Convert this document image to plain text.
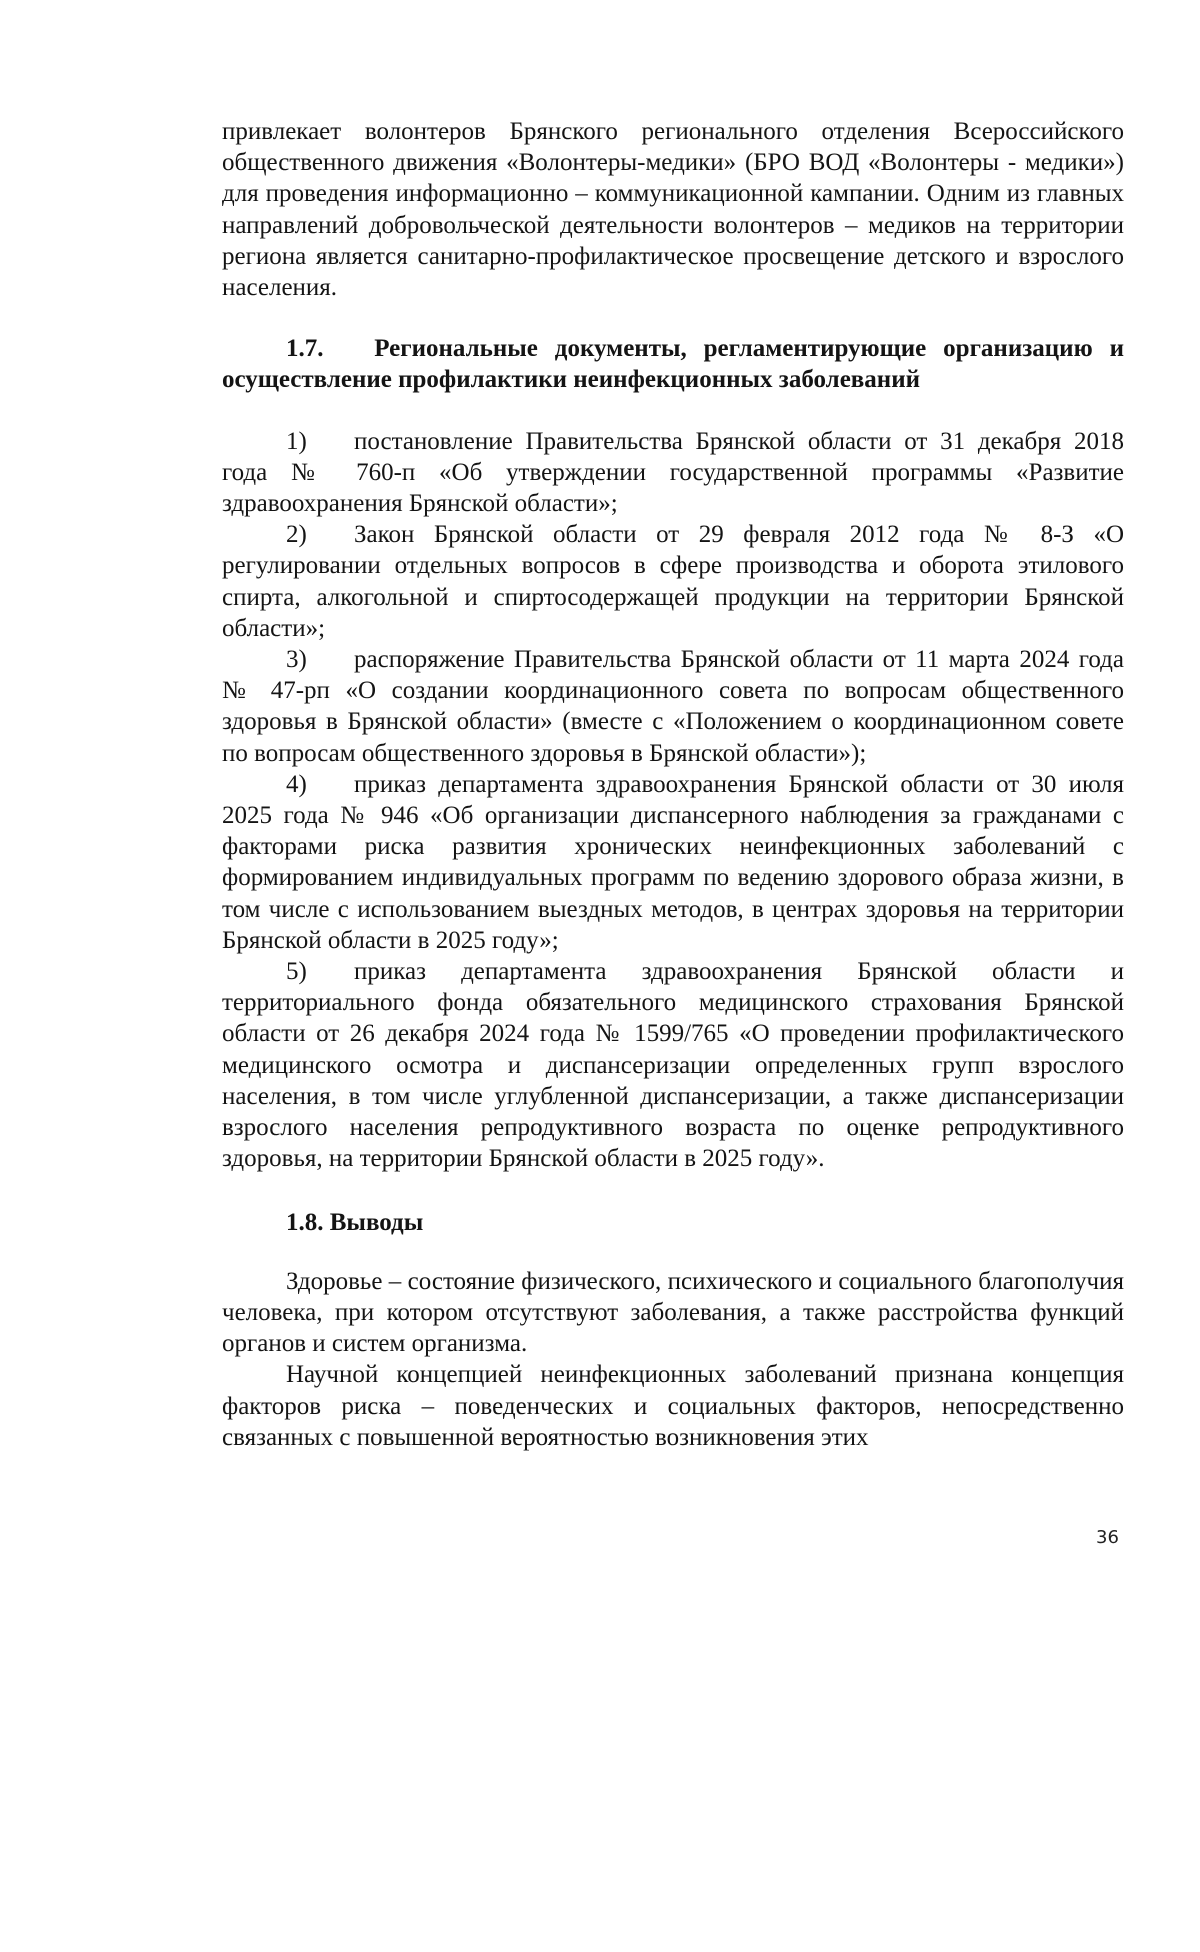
привлекает волонтеров Брянского регионального отделения Всероссийского общественного движения «Волонтеры-медики» (БРО ВОД «Волонтеры - медики») для проведения информационно – коммуникационной кампании. Одним из главных направлений добровольческой деятельности волонтеров – медиков на территории региона является санитарно-профилактическое просвещение детского и взрослого населения.

1.7. Региональные документы, регламентирующие организацию и осуществление профилактики неинфекционных заболеваний

1) постановление Правительства Брянской области от 31 декабря 2018 года № 760-п «Об утверждении государственной программы «Развитие здравоохранения Брянской области»;

2) Закон Брянской области от 29 февраля 2012 года № 8-З «О регулировании отдельных вопросов в сфере производства и оборота этилового спирта, алкогольной и спиртосодержащей продукции на территории Брянской области»;

3) распоряжение Правительства Брянской области от 11 марта 2024 года № 47-рп «О создании координационного совета по вопросам общественного здоровья в Брянской области» (вместе с «Положением о координационном совете по вопросам общественного здоровья в Брянской области»);

4) приказ департамента здравоохранения Брянской области от 30 июля 2025 года № 946 «Об организации диспансерного наблюдения за гражданами с факторами риска развития хронических неинфекционных заболеваний с формированием индивидуальных программ по ведению здорового образа жизни, в том числе с использованием выездных методов, в центрах здоровья на территории Брянской области в 2025 году»;

5) приказ департамента здравоохранения Брянской области и территориального фонда обязательного медицинского страхования Брянской области от 26 декабря 2024 года № 1599/765 «О проведении профилактического медицинского осмотра и диспансеризации определенных групп взрослого населения, в том числе углубленной диспансеризации, а также диспансеризации взрослого населения репродуктивного возраста по оценке репродуктивного здоровья, на территории Брянской области в 2025 году».

1.8. Выводы

Здоровье – состояние физического, психического и социального благополучия человека, при котором отсутствуют заболевания, а также расстройства функций органов и систем организма.

Научной концепцией неинфекционных заболеваний признана концепция факторов риска – поведенческих и социальных факторов, непосредственно связанных с повышенной вероятностью возникновения этих

36
